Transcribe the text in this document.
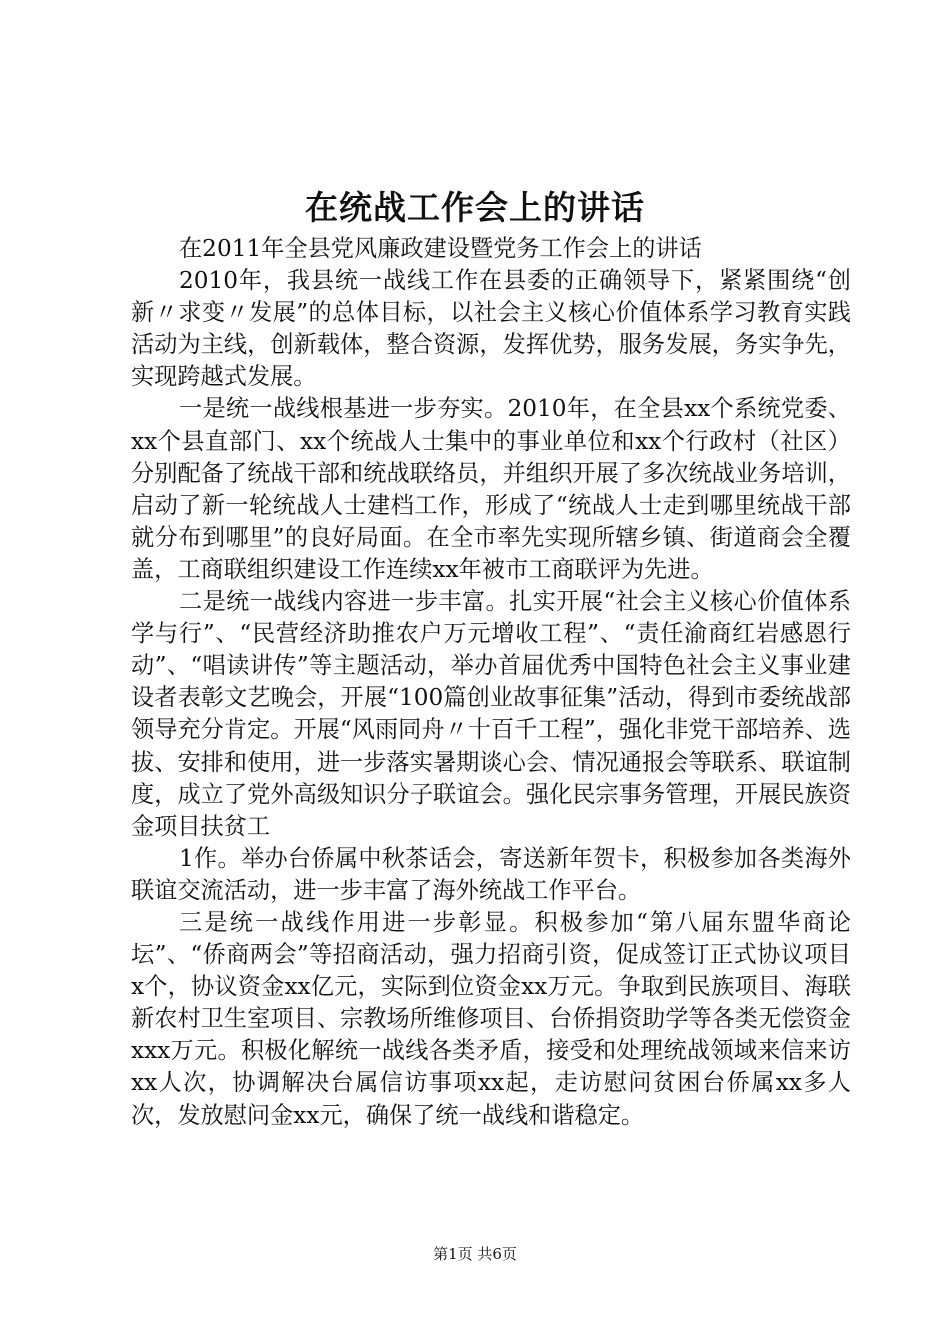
在统战工作会上的讲话

在2011年全县党风廉政建设暨党务工作会上的讲话

2010年，我县统一战线工作在县委的正确领导下，紧紧围绕“创新〃求变〃发展”的总体目标，以社会主义核心价值体系学习教育实践活动为主线，创新载体，整合资源，发挥优势，服务发展，务实争先，实现跨越式发展。

一是统一战线根基进一步夯实。2010年，在全县xx个系统党委、xx个县直部门、xx个统战人士集中的事业单位和xx个行政村（社区）分别配备了统战干部和统战联络员，并组织开展了多次统战业务培训，启动了新一轮统战人士建档工作，形成了“统战人士走到哪里统战干部就分布到哪里”的良好局面。在全市率先实现所辖乡镇、街道商会全覆盖，工商联组织建设工作连续xx年被市工商联评为先进。

二是统一战线内容进一步丰富。扎实开展“社会主义核心价值体系学与行”、“民营经济助推农户万元增收工程”、“责任渝商红岩感恩行动”、“唱读讲传”等主题活动，举办首届优秀中国特色社会主义事业建设者表彰文艺晚会，开展“100篇创业故事征集”活动，得到市委统战部领导充分肯定。开展“风雨同舟〃十百千工程”，强化非党干部培养、选拔、安排和使用，进一步落实暑期谈心会、情况通报会等联系、联谊制度，成立了党外高级知识分子联谊会。强化民宗事务管理，开展民族资金项目扶贫工

1作。举办台侨属中秋茶话会，寄送新年贺卡，积极参加各类海外联谊交流活动，进一步丰富了海外统战工作平台。

三是统一战线作用进一步彰显。积极参加“第八届东盟华商论坛”、“侨商两会”等招商活动，强力招商引资，促成签订正式协议项目x个，协议资金xx亿元，实际到位资金xx万元。争取到民族项目、海联新农村卫生室项目、宗教场所维修项目、台侨捐资助学等各类无偿资金xxx万元。积极化解统一战线各类矛盾，接受和处理统战领域来信来访xx人次，协调解决台属信访事项xx起，走访慰问贫困台侨属xx多人次，发放慰问金xx元，确保了统一战线和谐稳定。

第1页 共6页
